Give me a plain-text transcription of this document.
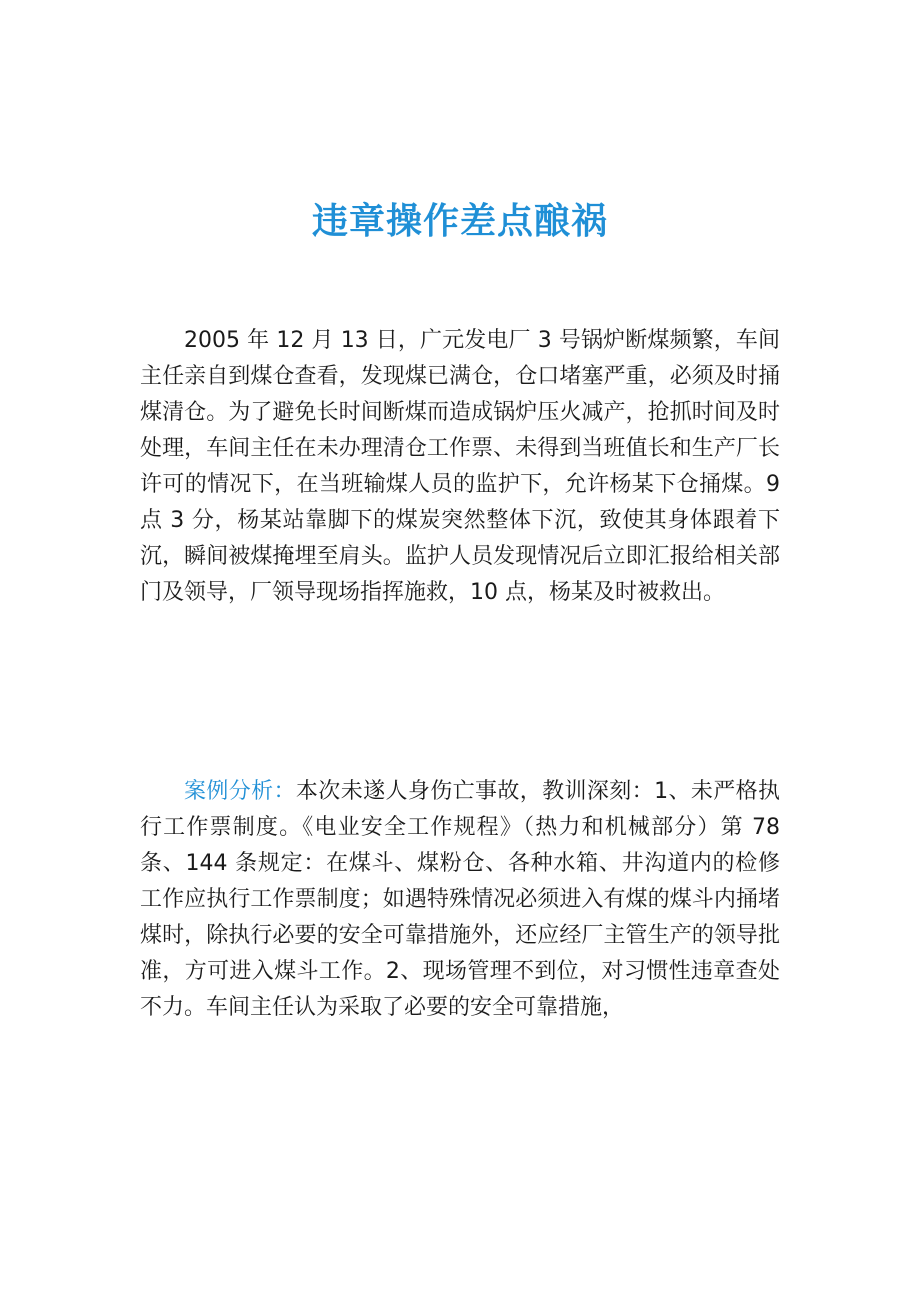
违章操作差点酿祸
2005 年 12 月 13 日，广元发电厂 3 号锅炉断煤频繁，车间主任亲自到煤仓查看，发现煤已满仓，仓口堵塞严重，必须及时捅煤清仓。为了避免长时间断煤而造成锅炉压火减产，抢抓时间及时处理，车间主任在未办理清仓工作票、未得到当班值长和生产厂长许可的情况下，在当班输煤人员的监护下，允许杨某下仓捅煤。9 点 3 分，杨某站靠脚下的煤炭突然整体下沉，致使其身体跟着下沉，瞬间被煤掩埋至肩头。监护人员发现情况后立即汇报给相关部门及领导，厂领导现场指挥施救，10 点，杨某及时被救出。
案例分析：本次未遂人身伤亡事故，教训深刻：1、未严格执行工作票制度。《电业安全工作规程》（热力和机械部分）第 78 条、144 条规定：在煤斗、煤粉仓、各种水箱、井沟道内的检修工作应执行工作票制度；如遇特殊情况必须进入有煤的煤斗内捅堵煤时，除执行必要的安全可靠措施外，还应经厂主管生产的领导批准，方可进入煤斗工作。2、现场管理不到位，对习惯性违章查处不力。车间主任认为采取了必要的安全可靠措施，
